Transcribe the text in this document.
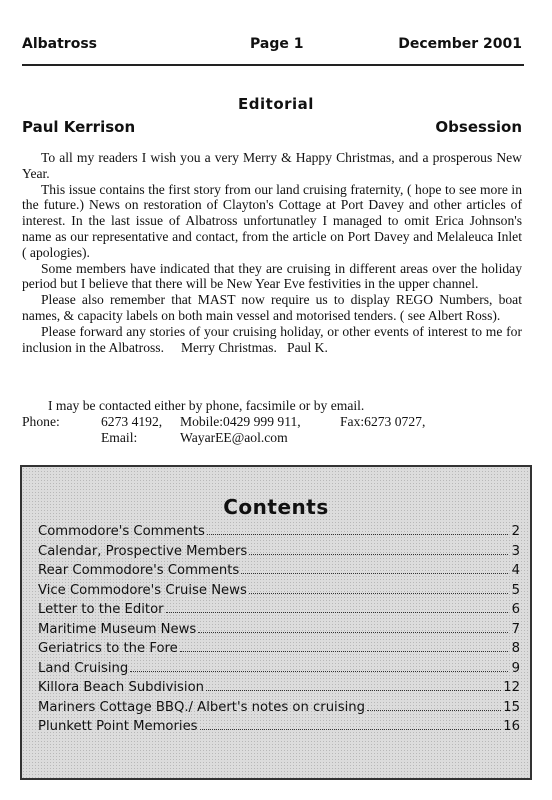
Albatross	Page 1	December 2001
Editorial
Paul Kerrison	Obsession

To all my readers I wish you a very Merry & Happy Christmas, and a prosperous New Year.

This issue contains the first story from our land cruising fraternity, ( hope to see more in the future.) News on restoration of Clayton's Cottage at Port Davey and other articles of interest. In the last issue of Albatross unfortunatley I managed to omit Erica Johnson's name as our representative and contact, from the article on Port Davey and Melaleuca Inlet ( apologies).

Some members have indicated that they are cruising in different areas over the holiday period but I believe that there will be New Year Eve festivities in the upper channel.

Please also remember that MAST now require us to display REGO Numbers, boat names, & capacity labels on both main vessel and motorised tenders. ( see Albert Ross).

Please forward any stories of your cruising holiday, or other events of interest to me for inclusion in the Albatross.     Merry Christmas.   Paul K.

I may be contacted either by phone, facsimile or by email.
Phone:	6273 4192, Mobile:0429 999 911,	Fax:6273 0727,
Email:	WayarEE@aol.com
Contents
Commodore's Comments	2
Calendar, Prospective Members	3
Rear Commodore's Comments	4
Vice Commodore's Cruise News	5
Letter to the Editor	6
Maritime Museum News	7
Geriatrics to the Fore	8
Land Cruising	9
Killora Beach Subdivision	12
Mariners Cottage BBQ./ Albert's notes on cruising	15
Plunkett Point Memories	16
